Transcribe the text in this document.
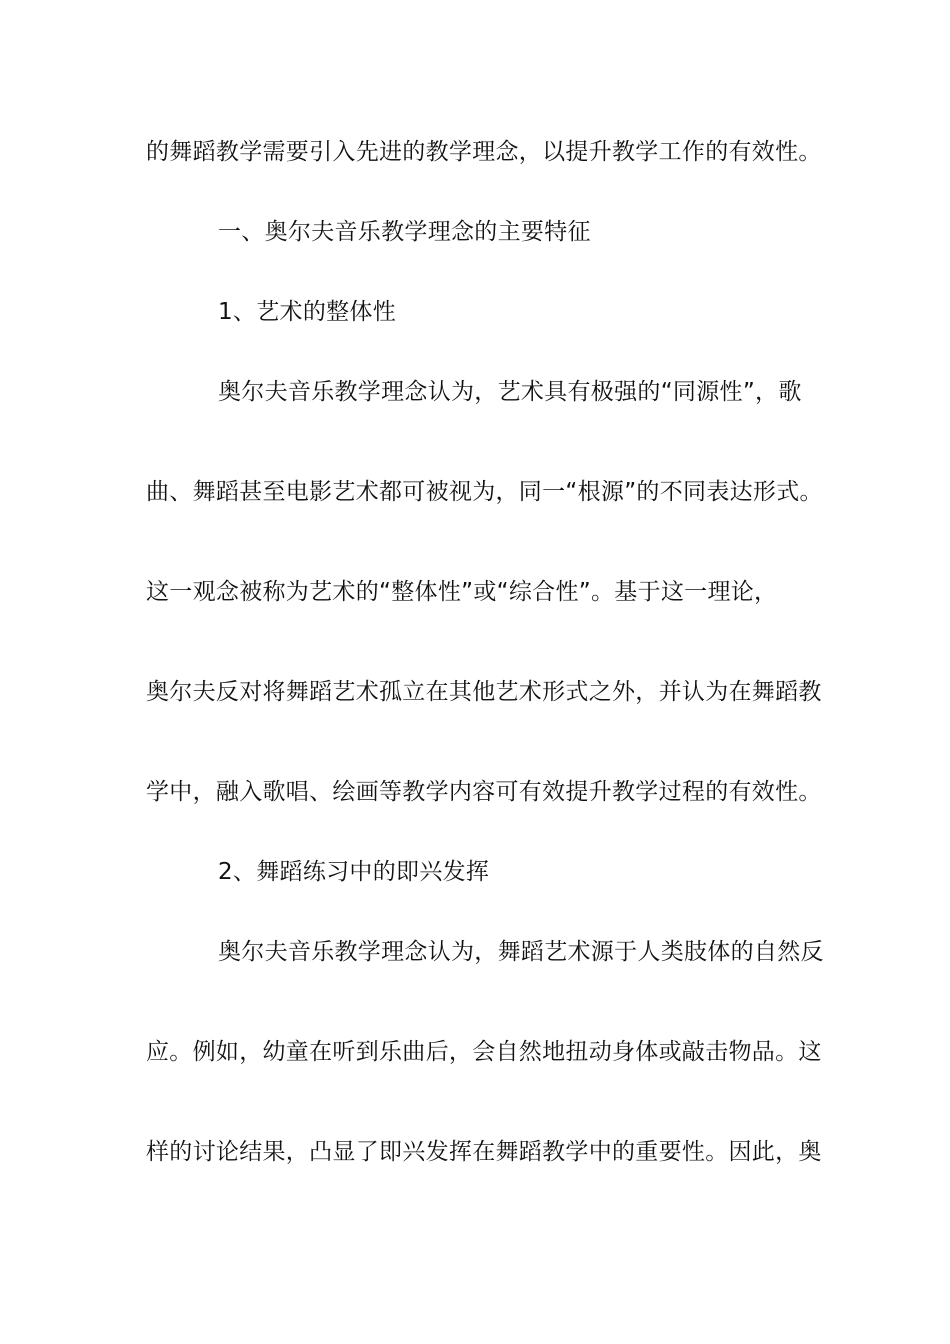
的舞蹈教学需要引入先进的教学理念，以提升教学工作的有效性。
一、奥尔夫音乐教学理念的主要特征
1、艺术的整体性
奥尔夫音乐教学理念认为，艺术具有极强的“同源性”，歌
曲、舞蹈甚至电影艺术都可被视为，同一“根源”的不同表达形式。
这一观念被称为艺术的“整体性”或“综合性”。基于这一理论，
奥尔夫反对将舞蹈艺术孤立在其他艺术形式之外，并认为在舞蹈教
学中，融入歌唱、绘画等教学内容可有效提升教学过程的有效性。
2、舞蹈练习中的即兴发挥
奥尔夫音乐教学理念认为，舞蹈艺术源于人类肢体的自然反
应。例如，幼童在听到乐曲后，会自然地扭动身体或敲击物品。这
样的讨论结果，凸显了即兴发挥在舞蹈教学中的重要性。因此，奥
